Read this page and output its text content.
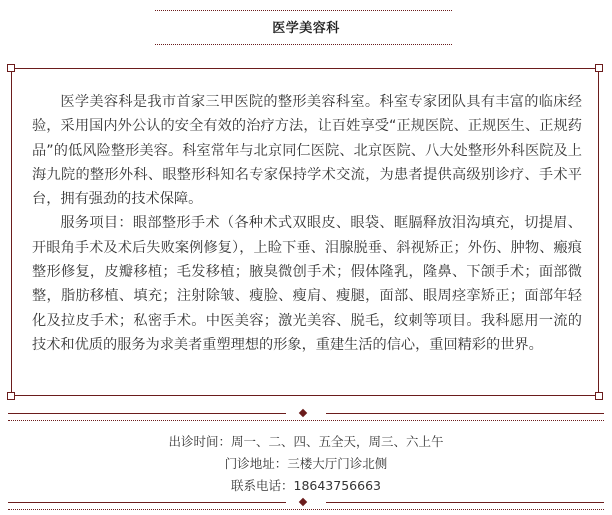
医学美容科

医学美容科是我市首家三甲医院的整形美容科室。科室专家团队具有丰富的临床经验，采用国内外公认的安全有效的治疗方法，让百姓享受“正规医院、正规医生、正规药品”的低风险整形美容。科室常年与北京同仁医院、北京医院、八大处整形外科医院及上海九院的整形外科、眼整形科知名专家保持学术交流，为患者提供高级别诊疗、手术平台，拥有强劲的技术保障。

服务项目：眼部整形手术（各种术式双眼皮、眼袋、眶膈释放泪沟填充，切提眉、开眼角手术及术后失败案例修复），上睑下垂、泪腺脱垂、斜视矫正；外伤、肿物、瘢痕整形修复，皮瓣移植；毛发移植；腋臭微创手术；假体隆乳，隆鼻、下颌手术；面部微整，脂肪移植、填充；注射除皱、瘦脸、瘦肩、瘦腿，面部、眼周痉挛矫正；面部年轻化及拉皮手术；私密手术。中医美容；激光美容、脱毛，纹刺等项目。我科愿用一流的技术和优质的服务为求美者重塑理想的形象，重建生活的信心，重回精彩的世界。

出诊时间：周一、二、四、五全天，周三、六上午
门诊地址：三楼大厅门诊北侧
联系电话：18643756663
